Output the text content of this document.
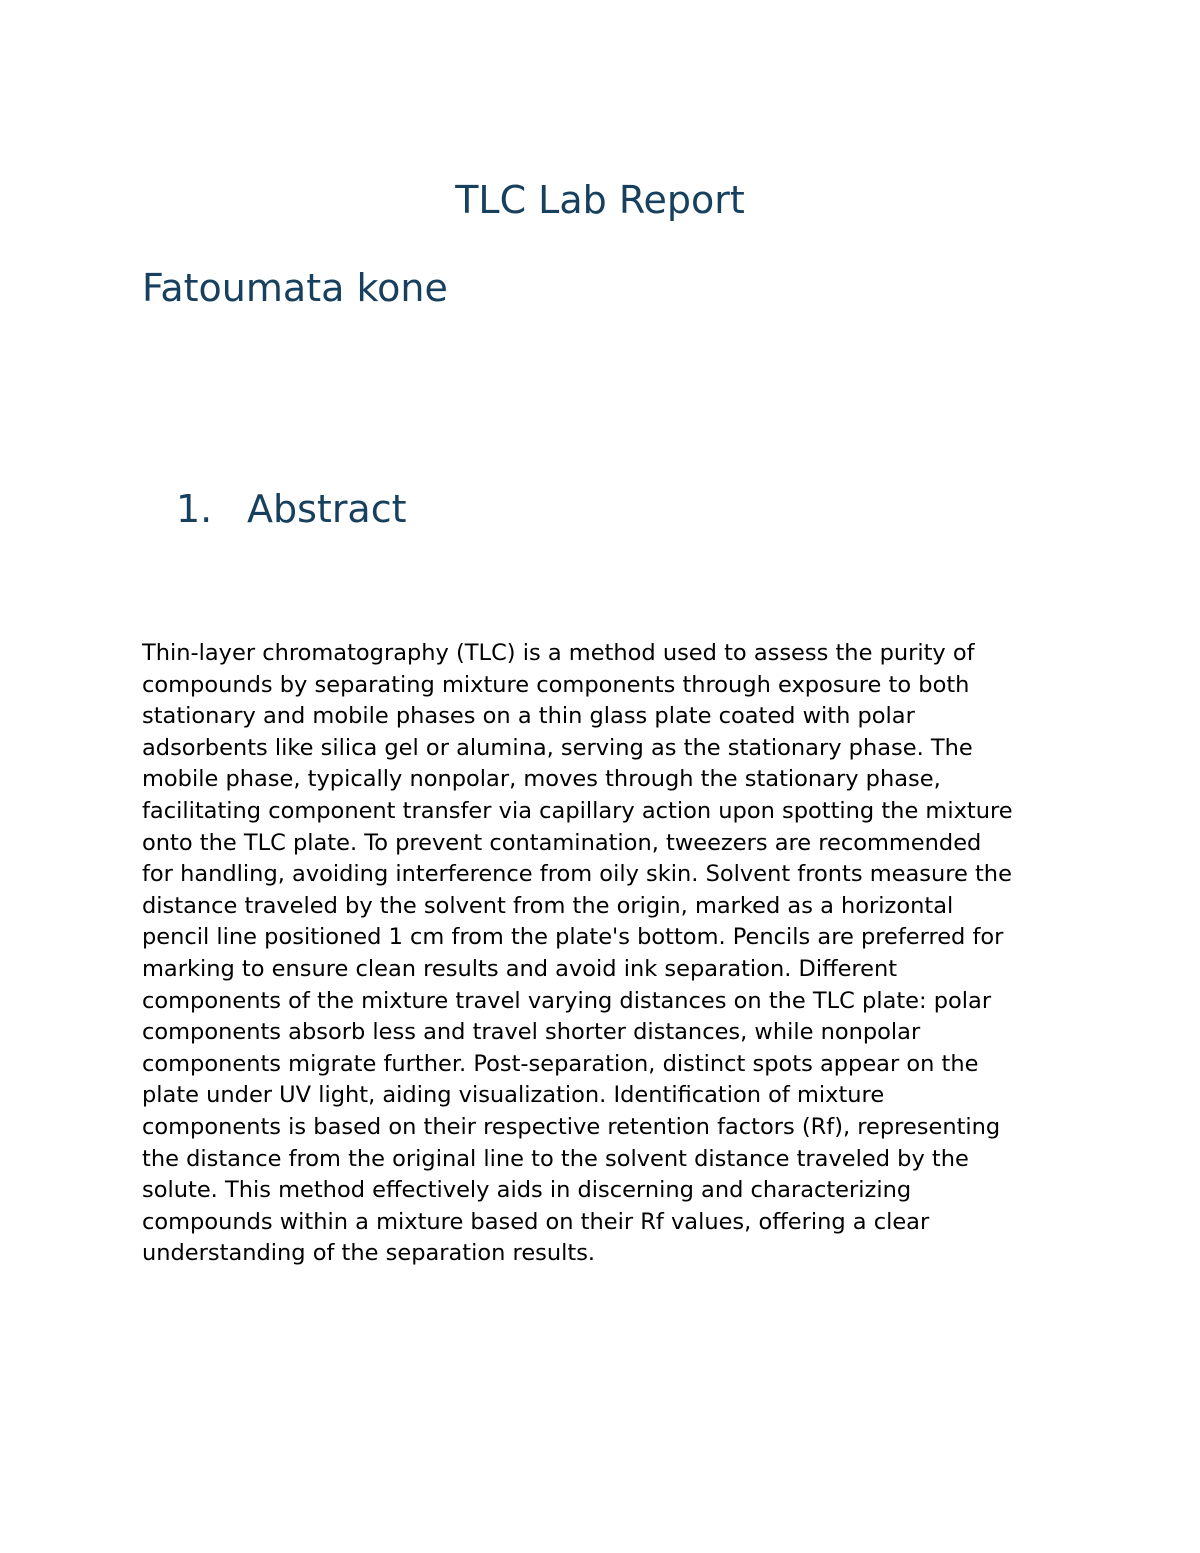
TLC Lab Report
Fatoumata kone
1. Abstract

Thin-layer chromatography (TLC) is a method used to assess the purity of
compounds by separating mixture components through exposure to both
stationary and mobile phases on a thin glass plate coated with polar
adsorbents like silica gel or alumina, serving as the stationary phase. The
mobile phase, typically nonpolar, moves through the stationary phase,
facilitating component transfer via capillary action upon spotting the mixture
onto the TLC plate. To prevent contamination, tweezers are recommended
for handling, avoiding interference from oily skin. Solvent fronts measure the
distance traveled by the solvent from the origin, marked as a horizontal
pencil line positioned 1 cm from the plate's bottom. Pencils are preferred for
marking to ensure clean results and avoid ink separation. Different
components of the mixture travel varying distances on the TLC plate: polar
components absorb less and travel shorter distances, while nonpolar
components migrate further. Post-separation, distinct spots appear on the
plate under UV light, aiding visualization. Identification of mixture
components is based on their respective retention factors (Rf), representing
the distance from the original line to the solvent distance traveled by the
solute. This method effectively aids in discerning and characterizing
compounds within a mixture based on their Rf values, offering a clear
understanding of the separation results.
